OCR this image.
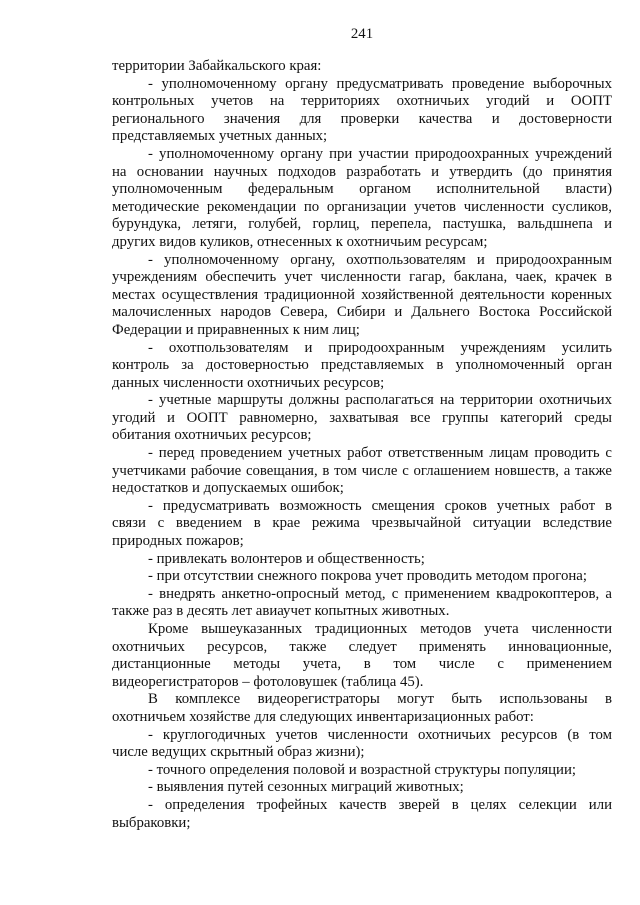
241
территории Забайкальского края:
- уполномоченному органу предусматривать проведение выборочных
контрольных учетов на территориях охотничьих угодий и ООПТ
регионального значения для проверки качества и достоверности
представляемых учетных данных;
- уполномоченному органу при участии природоохранных учреждений
на основании научных подходов разработать и утвердить (до принятия
уполномоченным федеральным органом исполнительной власти)
методические рекомендации по организации учетов численности сусликов,
бурундука, летяги, голубей, горлиц, перепела, пастушка, вальдшнепа и
других видов куликов, отнесенных к охотничьим ресурсам;
- уполномоченному органу, охотпользователям и природоохранным
учреждениям обеспечить учет численности гагар, баклана, чаек, крачек в
местах осуществления традиционной хозяйственной деятельности коренных
малочисленных народов Севера, Сибири и Дальнего Востока Российской
Федерации и приравненных к ним лиц;
- охотпользователям и природоохранным учреждениям усилить
контроль за достоверностью представляемых в уполномоченный орган
данных численности охотничьих ресурсов;
- учетные маршруты должны располагаться на территории охотничьих
угодий и ООПТ равномерно, захватывая все группы категорий среды
обитания охотничьих ресурсов;
- перед проведением учетных работ ответственным лицам проводить с
учетчиками рабочие совещания, в том числе с оглашением новшеств, а также
недостатков и допускаемых ошибок;
- предусматривать возможность смещения сроков учетных работ в
связи с введением в крае режима чрезвычайной ситуации вследствие
природных пожаров;
- привлекать волонтеров и общественность;
- при отсутствии снежного покрова учет проводить методом прогона;
- внедрять анкетно-опросный метод, с применением квадрокоптеров, а
также раз в десять лет авиаучет копытных животных.
Кроме вышеуказанных традиционных методов учета численности
охотничьих ресурсов, также следует применять инновационные,
дистанционные методы учета, в том числе с применением
видеорегистраторов – фотоловушек (таблица 45).
В комплексе видеорегистраторы могут быть использованы в
охотничьем хозяйстве для следующих инвентаризационных работ:
- круглогодичных учетов численности охотничьих ресурсов (в том
числе ведущих скрытный образ жизни);
- точного определения половой и возрастной структуры популяции;
- выявления путей сезонных миграций животных;
- определения трофейных качеств зверей в целях селекции или
выбраковки;
